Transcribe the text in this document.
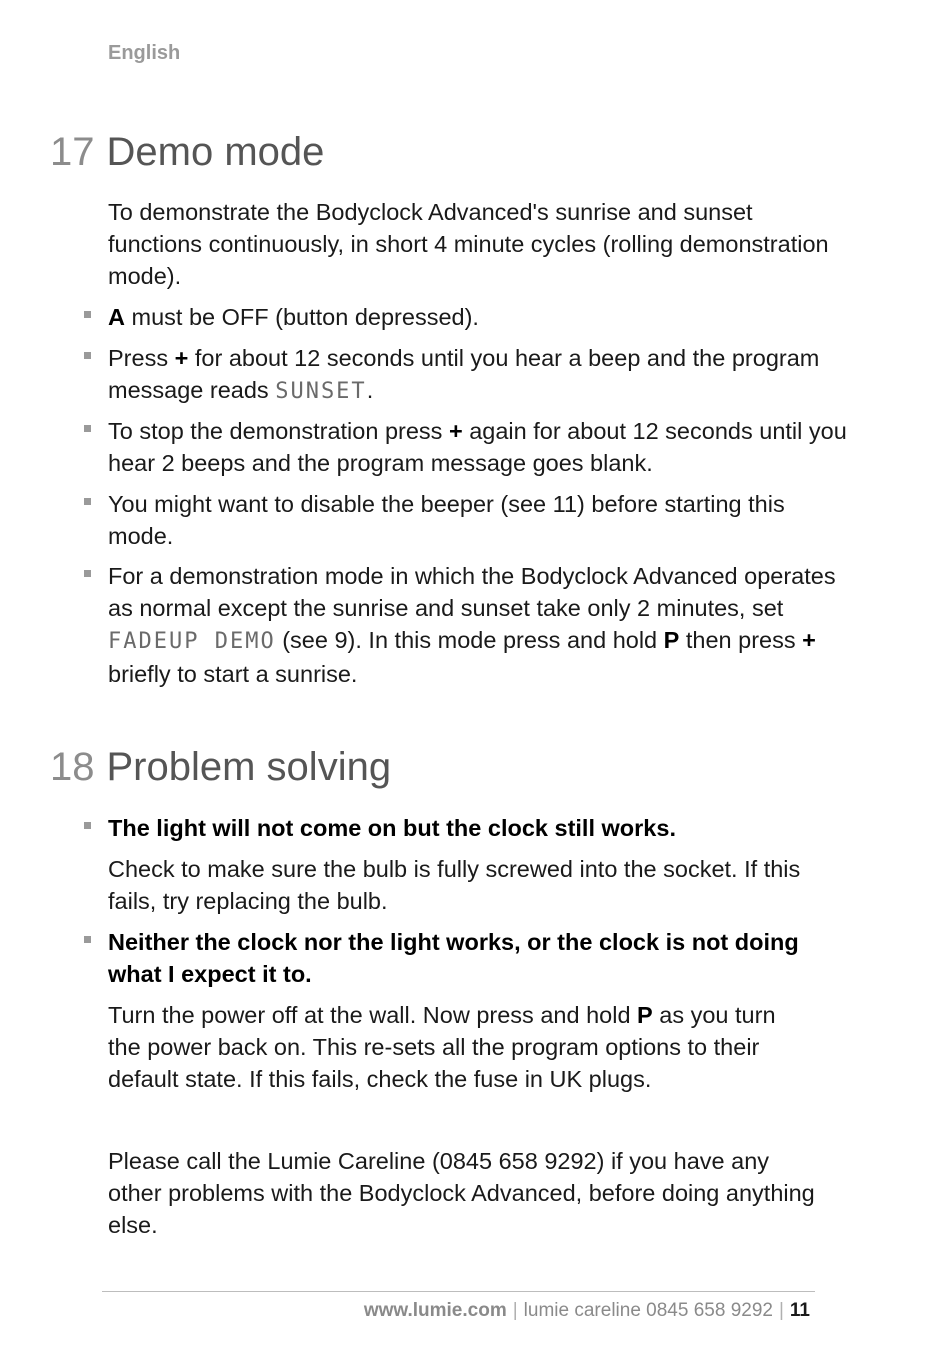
English
17 Demo mode

To demonstrate the Bodyclock Advanced's sunrise and sunset functions continuously, in short 4 minute cycles (rolling demonstration mode).

A must be OFF (button depressed).

Press + for about 12 seconds until you hear a beep and the program message reads SUNSET.

To stop the demonstration press + again for about 12 seconds until you hear 2 beeps and the program message goes blank.

You might want to disable the beeper (see 11) before starting this mode.

For a demonstration mode in which the Bodyclock Advanced operates as normal except the sunrise and sunset take only 2 minutes, set FADEUP DEMO (see 9). In this mode press and hold P then press + briefly to start a sunrise.

18 Problem solving

The light will not come on but the clock still works.

Check to make sure the bulb is fully screwed into the socket. If this fails, try replacing the bulb.

Neither the clock nor the light works, or the clock is not doing what I expect it to.

Turn the power off at the wall. Now press and hold P as you turn the power back on. This re-sets all the program options to their default state. If this fails, check the fuse in UK plugs.

Please call the Lumie Careline (0845 658 9292) if you have any other problems with the Bodyclock Advanced, before doing anything else.

www.lumie.com | lumie careline 0845 658 9292 | 11
